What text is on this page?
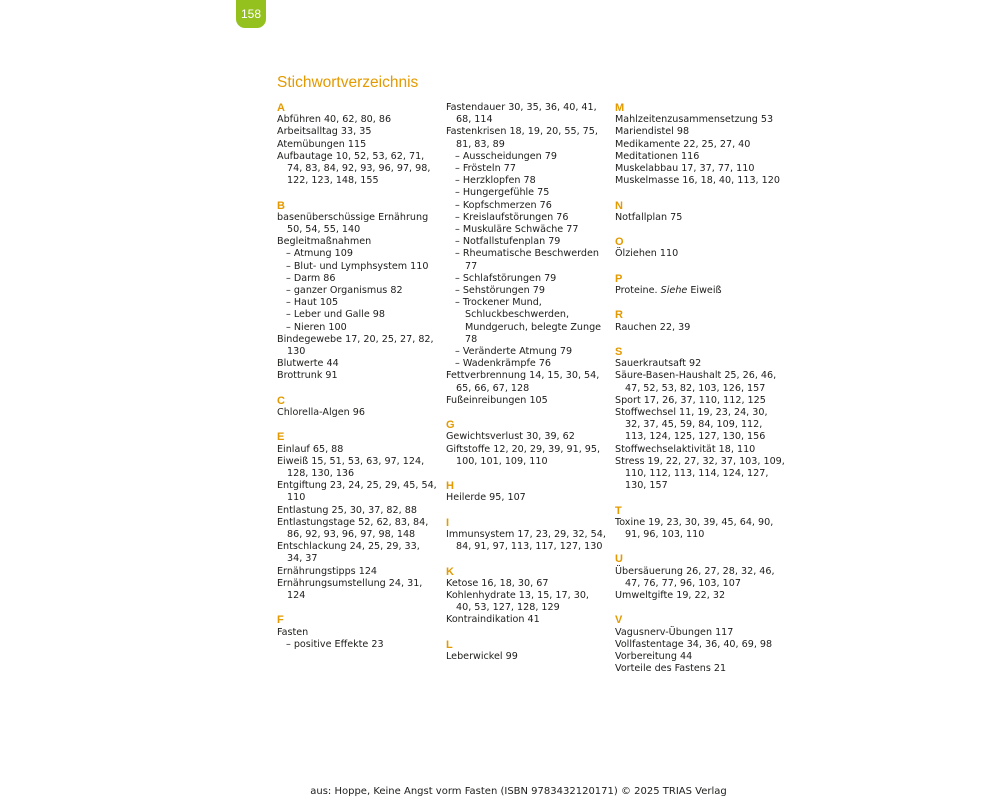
158
Stichwortverzeichnis
A
Abführen 40, 62, 80, 86
Arbeitsalltag 33, 35
Atemübungen 115
Aufbautage 10, 52, 53, 62, 71, 74, 83, 84, 92, 93, 96, 97, 98, 122, 123, 148, 155
B
basenüberschüssige Ernährung 50, 54, 55, 140
Begleitmaßnahmen
– Atmung 109
– Blut- und Lymphsystem 110
– Darm 86
– ganzer Organismus 82
– Haut 105
– Leber und Galle 98
– Nieren 100
Bindegewebe 17, 20, 25, 27, 82, 130
Blutwerte 44
Brottrunk 91
C
Chlorella-Algen 96
E
Einlauf 65, 88
Eiweiß 15, 51, 53, 63, 97, 124, 128, 130, 136
Entgiftung 23, 24, 25, 29, 45, 54, 110
Entlastung 25, 30, 37, 82, 88
Entlastungstage 52, 62, 83, 84, 86, 92, 93, 96, 97, 98, 148
Entschlackung 24, 25, 29, 33, 34, 37
Ernährungstipps 124
Ernährungsumstellung 24, 31, 124
F
Fasten
– positive Effekte 23
Fastendauer 30, 35, 36, 40, 41, 68, 114
Fastenkrisen 18, 19, 20, 55, 75, 81, 83, 89
– Ausscheidungen 79
– Frösteln 77
– Herzklopfen 78
– Hungergefühle 75
– Kopfschmerzen 76
– Kreislaufstörungen 76
– Muskuläre Schwäche 77
– Notfallstufenplan 79
– Rheumatische Beschwerden 77
– Schlafstörungen 79
– Sehstörungen 79
– Trockener Mund, Schluckbeschwerden, Mundgeruch, belegte Zunge 78
– Veränderte Atmung 79
– Wadenkrämpfe 76
Fettverbrennung 14, 15, 30, 54, 65, 66, 67, 128
Fußeinreibungen 105
G
Gewichtsverlust 30, 39, 62
Giftstoffe 12, 20, 29, 39, 91, 95, 100, 101, 109, 110
H
Heilerde 95, 107
I
Immunsystem 17, 23, 29, 32, 54, 84, 91, 97, 113, 117, 127, 130
K
Ketose 16, 18, 30, 67
Kohlenhydrate 13, 15, 17, 30, 40, 53, 127, 128, 129
Kontraindikation 41
L
Leberwickel 99
M
Mahlzeitenzusammensetzung 53
Mariendistel 98
Medikamente 22, 25, 27, 40
Meditationen 116
Muskelabbau 17, 37, 77, 110
Muskelmasse 16, 18, 40, 113, 120
N
Notfallplan 75
O
Ölziehen 110
P
Proteine. Siehe Eiweiß
R
Rauchen 22, 39
S
Sauerkrautsaft 92
Säure-Basen-Haushalt 25, 26, 46, 47, 52, 53, 82, 103, 126, 157
Sport 17, 26, 37, 110, 112, 125
Stoffwechsel 11, 19, 23, 24, 30, 32, 37, 45, 59, 84, 109, 112, 113, 124, 125, 127, 130, 156
Stoffwechselaktivität 18, 110
Stress 19, 22, 27, 32, 37, 103, 109, 110, 112, 113, 114, 124, 127, 130, 157
T
Toxine 19, 23, 30, 39, 45, 64, 90, 91, 96, 103, 110
U
Übersäuerung 26, 27, 28, 32, 46, 47, 76, 77, 96, 103, 107
Umweltgifte 19, 22, 32
V
Vagusnerv-Übungen 117
Vollfastentage 34, 36, 40, 69, 98
Vorbereitung 44
Vorteile des Fastens 21
aus: Hoppe, Keine Angst vorm Fasten (ISBN 9783432120171) © 2025 TRIAS Verlag
